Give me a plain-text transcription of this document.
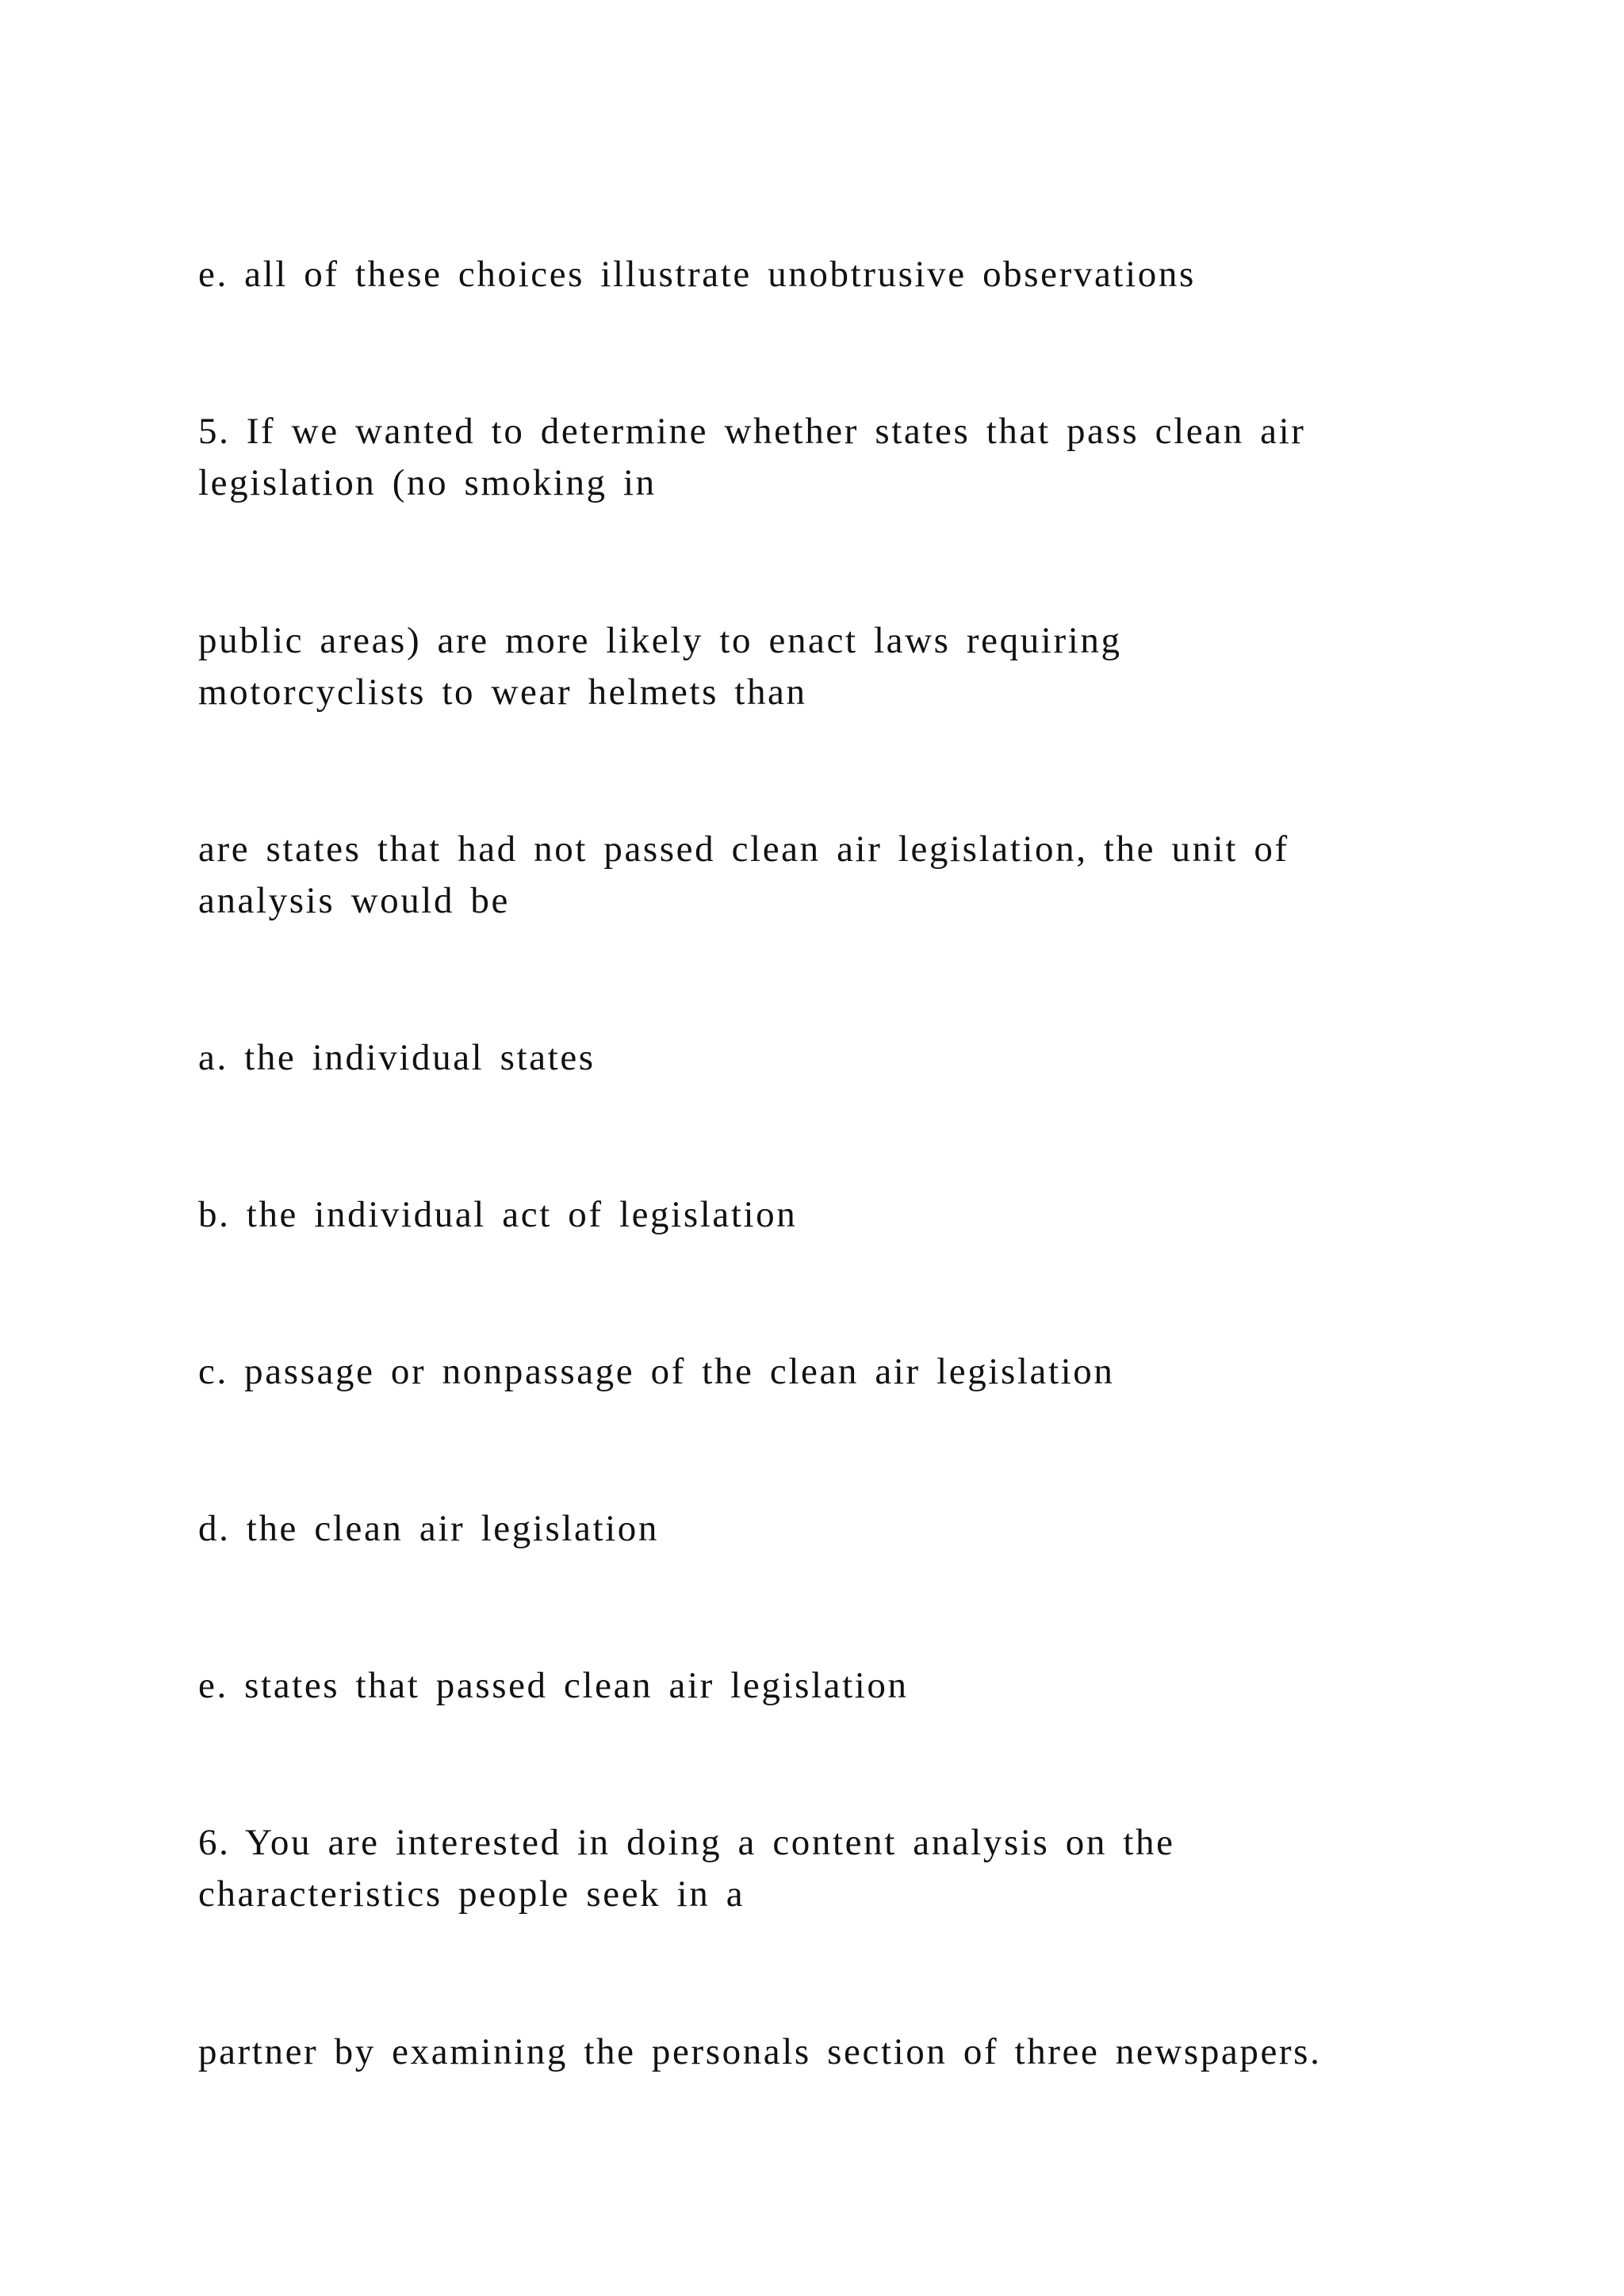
e. all of these choices illustrate unobtrusive observations

5. If we wanted to determine whether states that pass clean air
legislation (no smoking in

public areas) are more likely to enact laws requiring
motorcyclists to wear helmets than

are states that had not passed clean air legislation, the unit of
analysis would be

a. the individual states

b. the individual act of legislation

c. passage or nonpassage of the clean air legislation

d. the clean air legislation

e. states that passed clean air legislation

6. You are interested in doing a content analysis on the
characteristics people seek in a

partner by examining the personals section of three newspapers.
